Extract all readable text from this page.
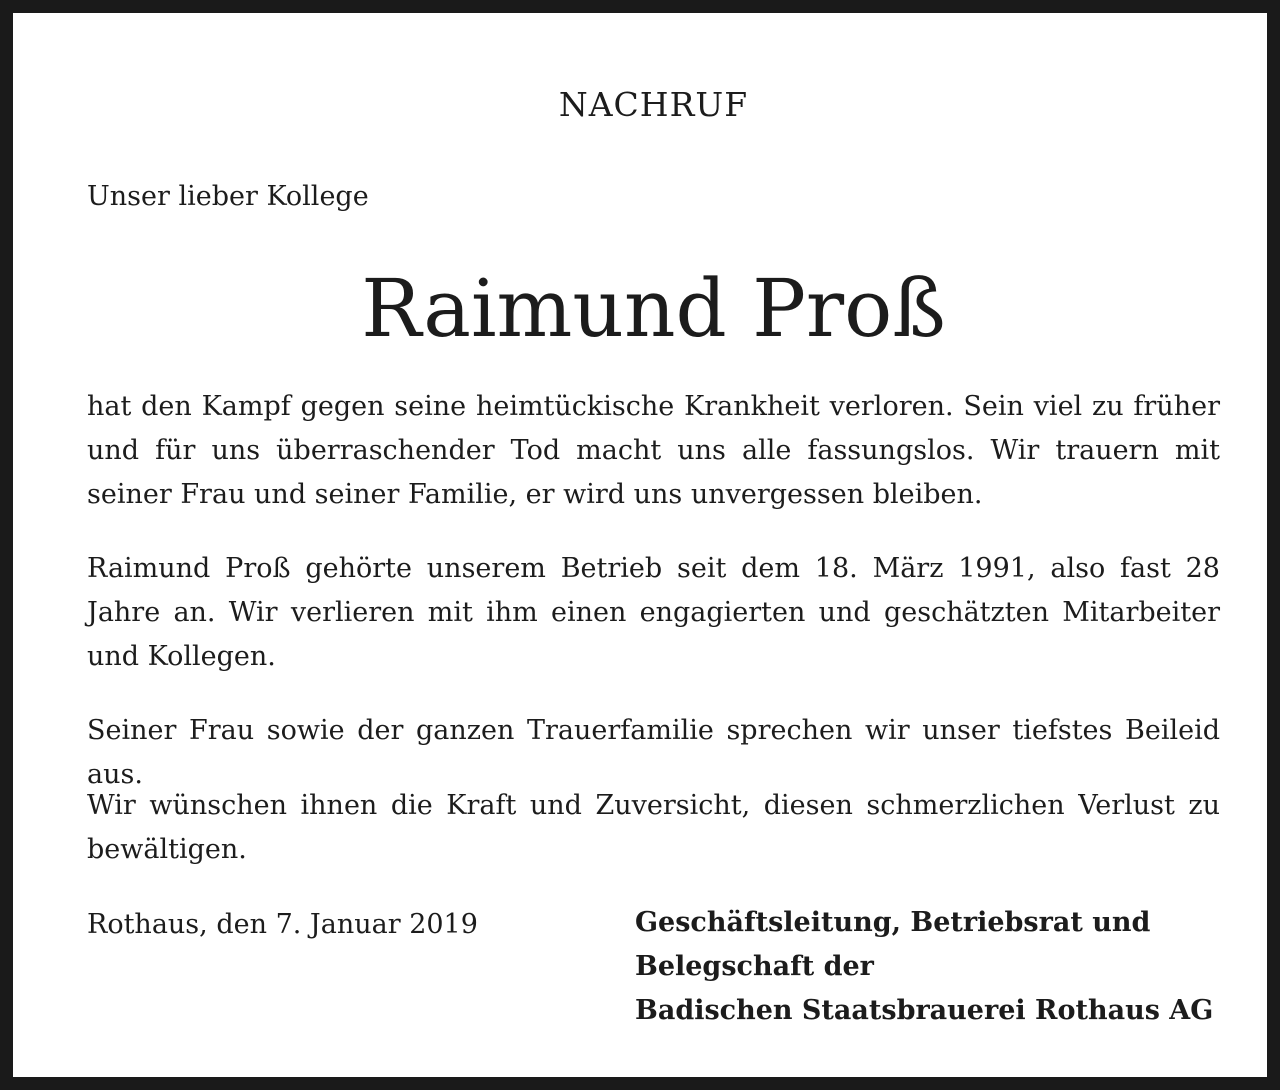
NACHRUF
Unser lieber Kollege
Raimund Proß

hat den Kampf gegen seine heimtückische Krankheit verloren. Sein viel zu früher und für uns überraschender Tod macht uns alle fassungslos. Wir trauern mit seiner Frau und seiner Familie, er wird uns unvergessen bleiben.

Raimund Proß gehörte unserem Betrieb seit dem 18. März 1991, also fast 28 Jahre an. Wir verlieren mit ihm einen engagierten und geschätzten Mitarbeiter und Kollegen.

Seiner Frau sowie der ganzen Trauerfamilie sprechen wir unser tiefstes Beileid aus.

Wir wünschen ihnen die Kraft und Zuversicht, diesen schmerzlichen Verlust zu bewältigen.

Rothaus, den 7. Januar 2019	Geschäftsleitung, Betriebsrat und
Belegschaft der
Badischen Staatsbrauerei Rothaus AG
